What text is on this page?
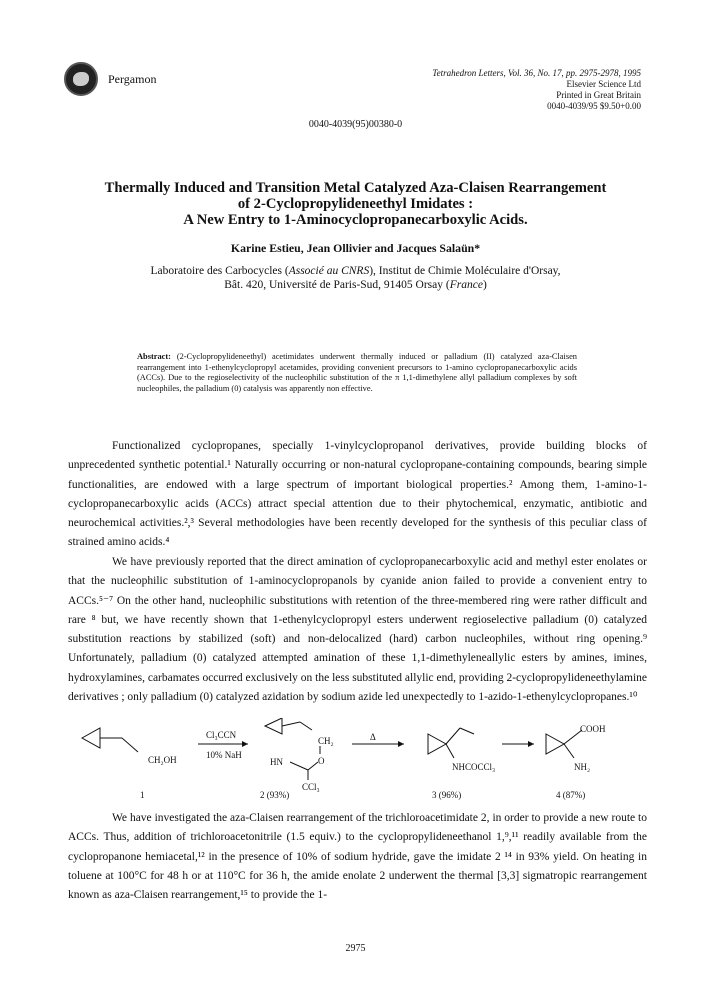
Pergamon	Tetrahedron Letters, Vol. 36, No. 17, pp. 2975-2978, 1995
Elsevier Science Ltd
Printed in Great Britain
0040-4039/95 $9.50+0.00
0040-4039(95)00380-0
Thermally Induced and Transition Metal Catalyzed Aza-Claisen Rearrangement
of 2-Cyclopropylideneethyl Imidates :
A New Entry to 1-Aminocyclopropanecarboxylic Acids.
Karine Estieu, Jean Ollivier and Jacques Salaün*
Laboratoire des Carbocycles (Associé au CNRS), Institut de Chimie Moléculaire d'Orsay,
Bât. 420, Université de Paris-Sud, 91405 Orsay (France)
Abstract: (2-Cyclopropylideneethyl) acetimidates underwent thermally induced or palladium (II) catalyzed aza-Claisen rearrangement into 1-ethenylcyclopropyl acetamides, providing convenient precursors to 1-amino cyclopropanecarboxylic acids (ACCs). Due to the regioselectivity of the nucleophilic substitution of the π 1,1-dimethylene allyl palladium complexes by soft nucleophiles, the palladium (0) catalysis was apparently non effective.

Functionalized cyclopropanes, specially 1-vinylcyclopropanol derivatives, provide building blocks of unprecedented synthetic potential.¹ Naturally occurring or non-natural cyclopropane-containing compounds, bearing simple functionalities, are endowed with a large spectrum of important biological properties.² Among them, 1-amino-1-cyclopropanecarboxylic acids (ACCs) attract special attention due to their phytochemical, enzymatic, antibiotic and neurochemical activities.²,³ Several methodologies have been recently developed for the synthesis of this peculiar class of strained amino acids.⁴

We have previously reported that the direct amination of cyclopropanecarboxylic acid and methyl ester enolates or that the nucleophilic substitution of 1-aminocyclopropanols by cyanide anion failed to provide a convenient entry to ACCs.⁵⁻⁷ On the other hand, nucleophilic substitutions with retention of the three-membered ring were rather difficult and rare ⁸ but, we have recently shown that 1-ethenylcyclopropyl esters underwent regioselective palladium (0) catalyzed substitution reactions by stabilized (soft) and non-delocalized (hard) carbon nucleophiles, without ring opening.⁹ Unfortunately, palladium (0) catalyzed attempted amination of these 1,1-dimethyleneallylic esters by amines, imines, hydroxylamines, carbamates occurred exclusively on the less substituted allylic end, providing 2-cyclopropylideneethylamine derivatives ; only palladium (0) catalyzed azidation by sodium azide led unexpectedly to 1-azido-1-ethenylcyclopropanes.¹⁰

CH₂OH
Cl₃CCN
10% NaH
CH₂
HN	O
CCl₃
Δ
NHCOCCl₃
COOH
NH₂
1	2 (93%)	3 (96%)	4 (87%)

We have investigated the aza-Claisen rearrangement of the trichloroacetimidate 2, in order to provide a new route to ACCs. Thus, addition of trichloroacetonitrile (1.5 equiv.) to the cyclopropylideneethanol 1,⁹,¹¹ readily available from the cyclopropanone hemiacetal,¹² in the presence of 10% of sodium hydride, gave the imidate 2 ¹⁴ in 93% yield. On heating in toluene at 100°C for 48 h or at 110°C for 36 h, the amide enolate 2 underwent the thermal [3,3] sigmatropic rearrangement known as aza-Claisen rearrangement,¹⁵ to provide the 1-

2975
